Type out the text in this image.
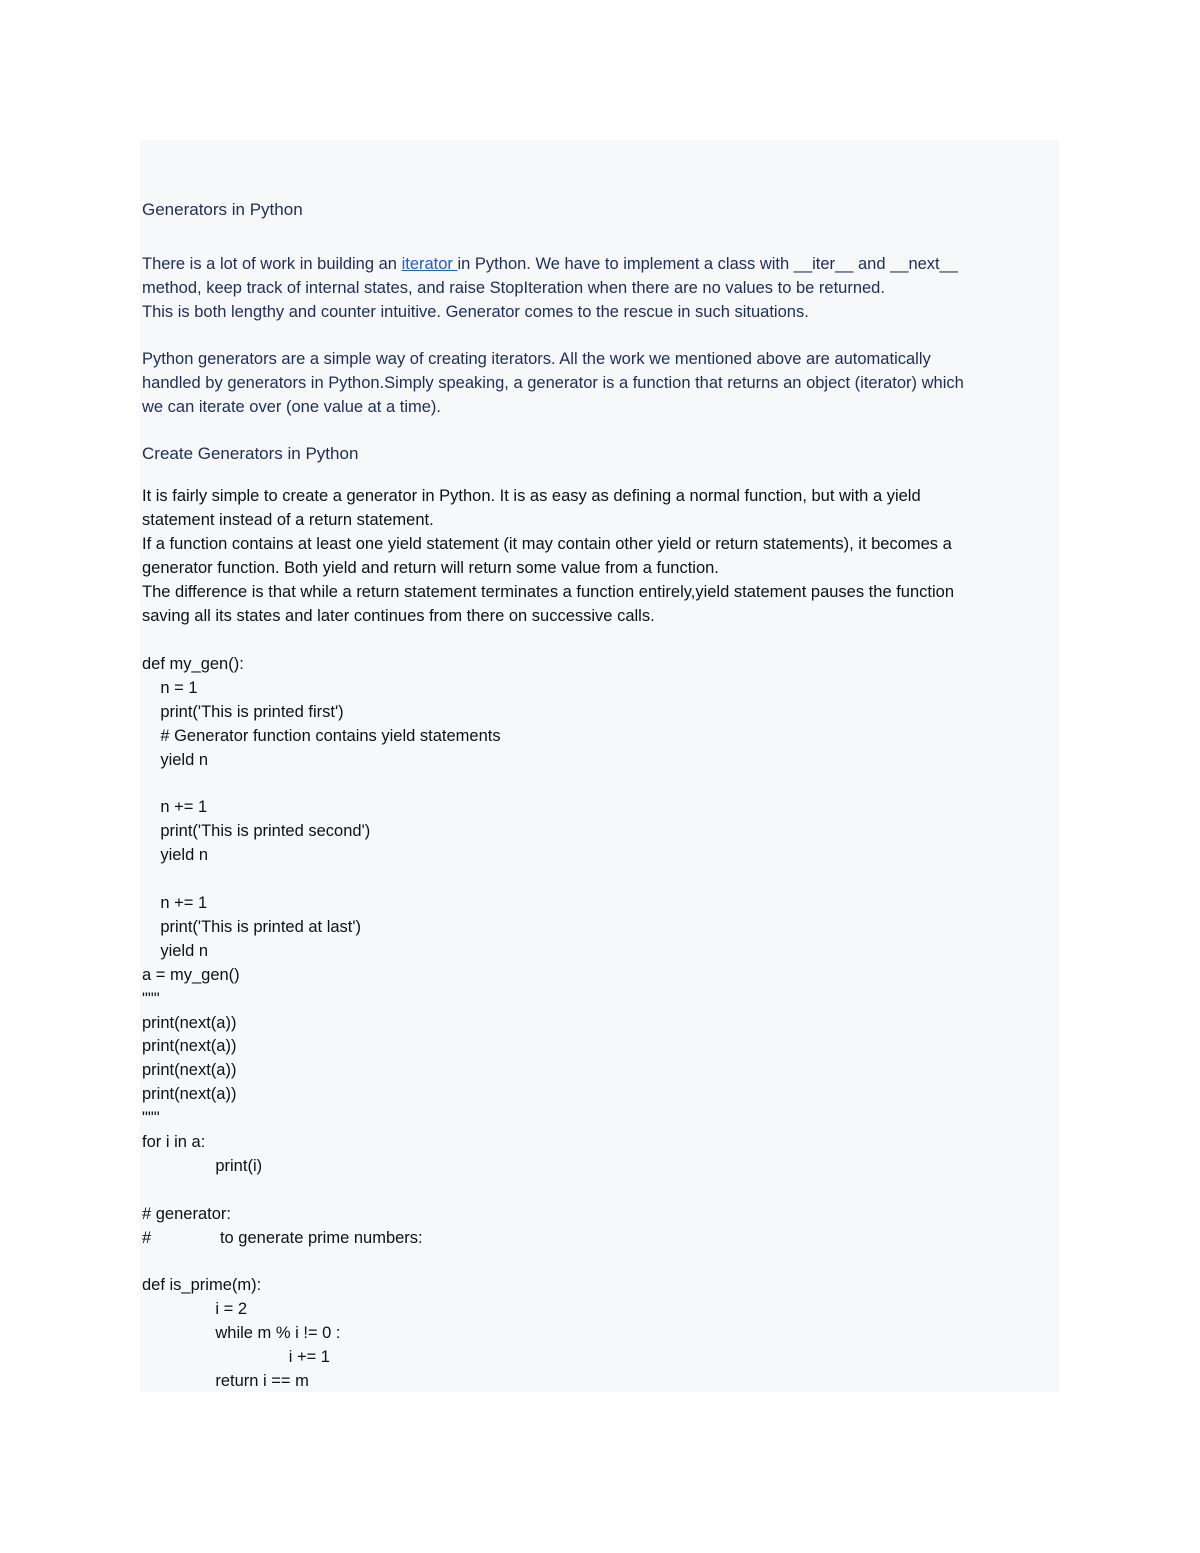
Generators in Python
There is a lot of work in building an iterator in Python. We have to implement a class with __iter__ and __next__
method, keep track of internal states, and raise StopIteration when there are no values to be returned.
This is both lengthy and counter intuitive. Generator comes to the rescue in such situations.
Python generators are a simple way of creating iterators. All the work we mentioned above are automatically
handled by generators in Python.Simply speaking, a generator is a function that returns an object (iterator) which
we can iterate over (one value at a time).
Create Generators in Python
It is fairly simple to create a generator in Python. It is as easy as defining a normal function, but with a yield
statement instead of a return statement.
If a function contains at least one yield statement (it may contain other yield or return statements), it becomes a
generator function. Both yield and return will return some value from a function.
The difference is that while a return statement terminates a function entirely,yield statement pauses the function
saving all its states and later continues from there on successive calls.
def my_gen():
n = 1
print('This is printed first')
# Generator function contains yield statements
yield n
n += 1
print('This is printed second')
yield n
n += 1
print('This is printed at last')
yield n
a = my_gen()
"""
print(next(a))
print(next(a))
print(next(a))
print(next(a))
"""
for i in a:
print(i)
# generator:
#               to generate prime numbers:
def is_prime(m):
i = 2
while m % i != 0 :
i += 1
return i == m
